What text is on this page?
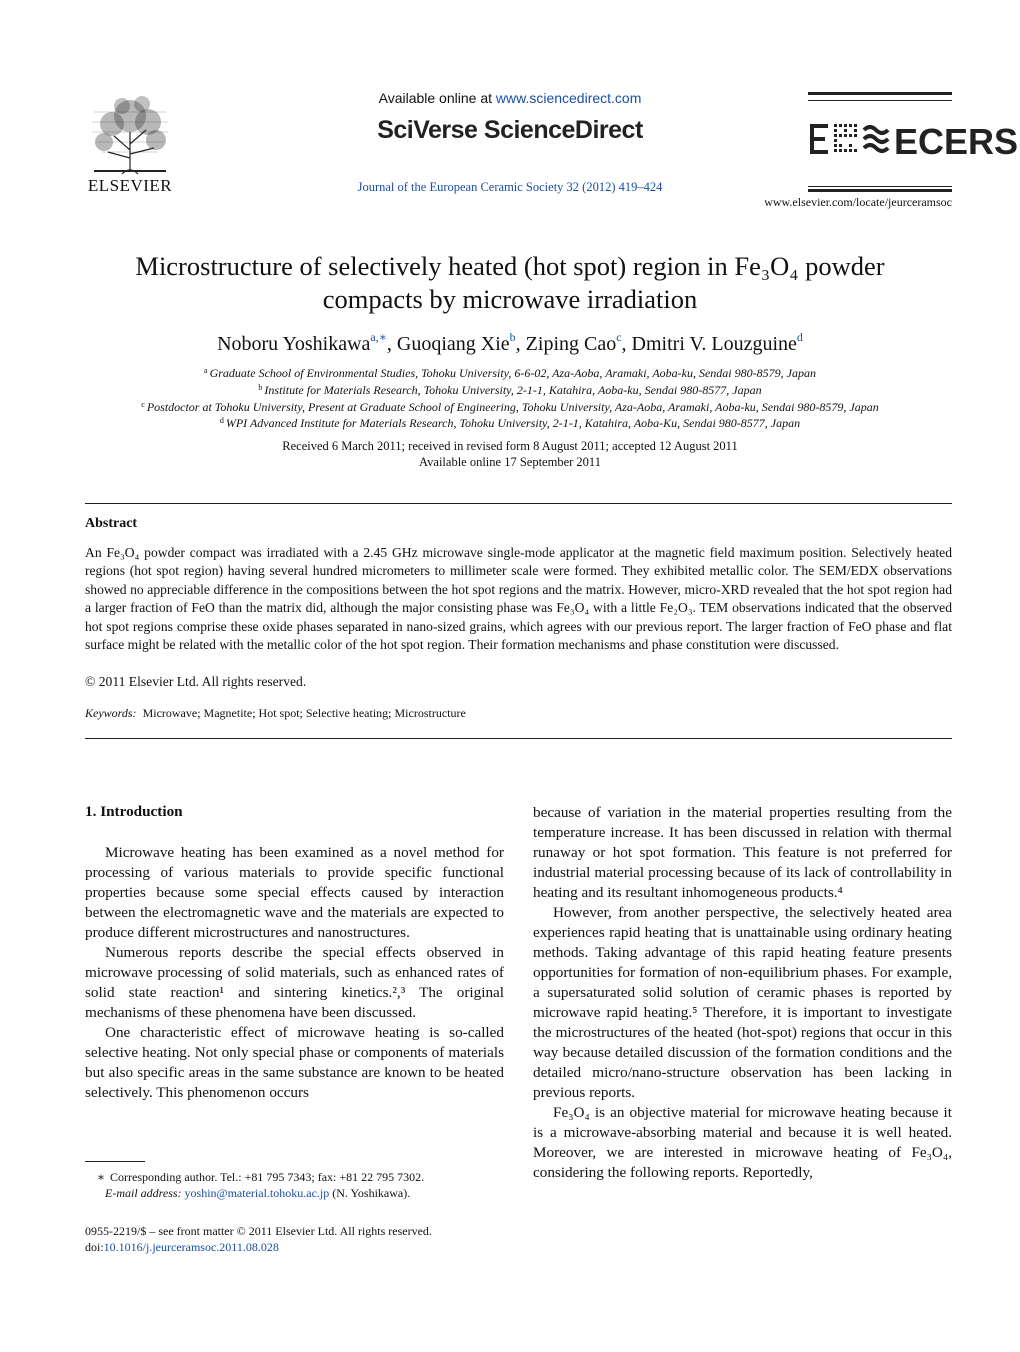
ELSEVIER
Available online at www.sciencedirect.com
SciVerse ScienceDirect
Journal of the European Ceramic Society 32 (2012) 419–424
ECERS
www.elsevier.com/locate/jeurceramsoc
Microstructure of selectively heated (hot spot) region in Fe₃O₄ powder
compacts by microwave irradiation
Noboru Yoshikawa$^{a,∗}$, Guoqiang Xie$^b$, Ziping Cao$^c$, Dmitri V. Louzguine$^d$
$^a$ Graduate School of Environmental Studies, Tohoku University, 6-6-02, Aza-Aoba, Aramaki, Aoba-ku, Sendai 980-8579, Japan
$^b$ Institute for Materials Research, Tohoku University, 2-1-1, Katahira, Aoba-ku, Sendai 980-8577, Japan
$^c$ Postdoctor at Tohoku University, Present at Graduate School of Engineering, Tohoku University, Aza-Aoba, Aramaki, Aoba-ku, Sendai 980-8579, Japan
$^d$ WPI Advanced Institute for Materials Research, Tohoku University, 2-1-1, Katahira, Aoba-Ku, Sendai 980-8577, Japan
Received 6 March 2011; received in revised form 8 August 2011; accepted 12 August 2011
Available online 17 September 2011
Abstract
An Fe₃O₄ powder compact was irradiated with a 2.45 GHz microwave single-mode applicator at the magnetic field maximum position. Selectively heated regions (hot spot region) having several hundred micrometers to millimeter scale were formed. They exhibited metallic color. The SEM/EDX observations showed no appreciable difference in the compositions between the hot spot regions and the matrix. However, micro-XRD revealed that the hot spot region had a larger fraction of FeO than the matrix did, although the major consisting phase was Fe₃O₄ with a little Fe₂O₃. TEM observations indicated that the observed hot spot regions comprise these oxide phases separated in nano-sized grains, which agrees with our previous report. The larger fraction of FeO phase and flat surface might be related with the metallic color of the hot spot region. Their formation mechanisms and phase constitution were discussed.
© 2011 Elsevier Ltd. All rights reserved.
Keywords: Microwave; Magnetite; Hot spot; Selective heating; Microstructure
1. Introduction

Microwave heating has been examined as a novel method for processing of various materials to provide specific functional properties because some special effects caused by interaction between the electromagnetic wave and the materials are expected to produce different microstructures and nanostructures.

Numerous reports describe the special effects observed in microwave processing of solid materials, such as enhanced rates of solid state reaction¹ and sintering kinetics.²,³ The original mechanisms of these phenomena have been discussed.

One characteristic effect of microwave heating is so-called selective heating. Not only special phase or components of materials but also specific areas in the same substance are known to be heated selectively. This phenomenon occurs

because of variation in the material properties resulting from the temperature increase. It has been discussed in relation with thermal runaway or hot spot formation. This feature is not preferred for industrial material processing because of its lack of controllability in heating and its resultant inhomogeneous products.⁴

However, from another perspective, the selectively heated area experiences rapid heating that is unattainable using ordinary heating methods. Taking advantage of this rapid heating feature presents opportunities for formation of non-equilibrium phases. For example, a supersaturated solid solution of ceramic phases is reported by microwave rapid heating.⁵ Therefore, it is important to investigate the microstructures of the heated (hot-spot) regions that occur in this way because detailed discussion of the formation conditions and the detailed micro/nano-structure observation has been lacking in previous reports.

Fe₃O₄ is an objective material for microwave heating because it is a microwave-absorbing material and because it is well heated. Moreover, we are interested in microwave heating of Fe₃O₄, considering the following reports. Reportedly,

∗ Corresponding author. Tel.: +81 795 7343; fax: +81 22 795 7302.
E-mail address: yoshin@material.tohoku.ac.jp (N. Yoshikawa).
0955-2219/$ – see front matter © 2011 Elsevier Ltd. All rights reserved.
doi:10.1016/j.jeurceramsoc.2011.08.028
